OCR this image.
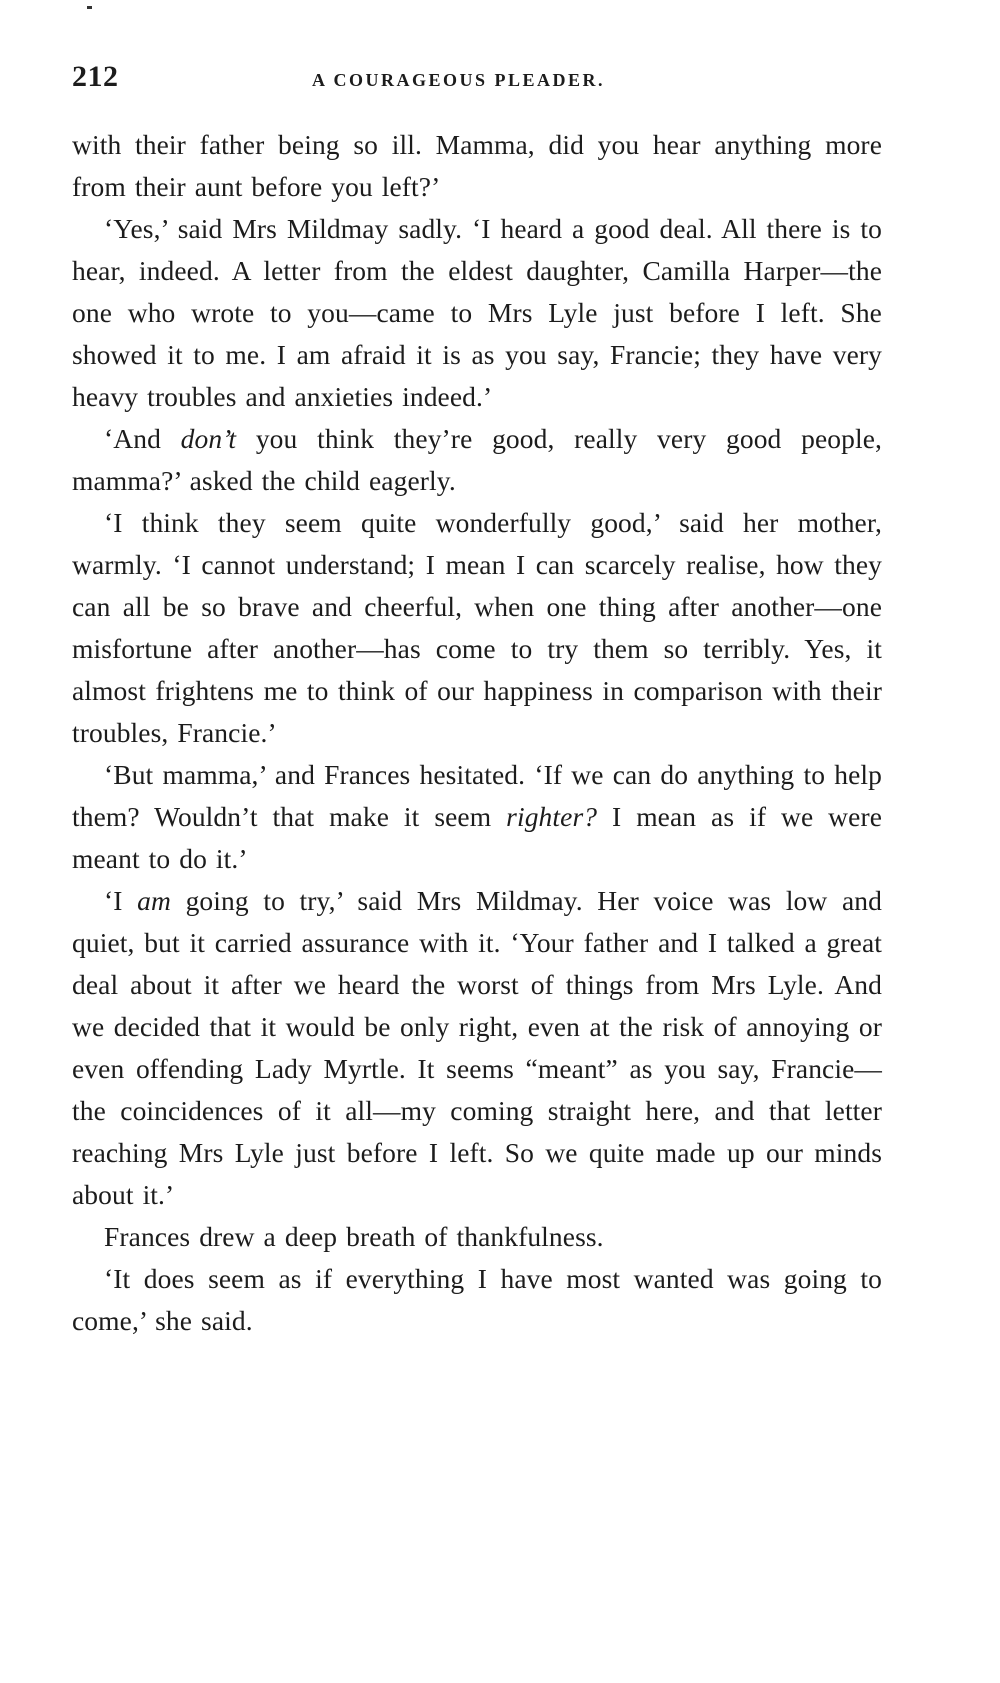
212	A COURAGEOUS PLEADER.

with their father being so ill. Mamma, did you hear anything more from their aunt before you left?’

‘Yes,’ said Mrs Mildmay sadly. ‘I heard a good deal. All there is to hear, indeed. A letter from the eldest daughter, Camilla Harper—the one who wrote to you—came to Mrs Lyle just before I left. She showed it to me. I am afraid it is as you say, Francie; they have very heavy troubles and anxieties indeed.’

‘And don’t you think they’re good, really very good people, mamma?’ asked the child eagerly.

‘I think they seem quite wonderfully good,’ said her mother, warmly. ‘I cannot understand; I mean I can scarcely realise, how they can all be so brave and cheerful, when one thing after another—one misfortune after another—has come to try them so terribly. Yes, it almost frightens me to think of our happiness in comparison with their troubles, Francie.’

‘But mamma,’ and Frances hesitated. ‘If we can do anything to help them? Wouldn’t that make it seem righter? I mean as if we were meant to do it.’

‘I am going to try,’ said Mrs Mildmay. Her voice was low and quiet, but it carried assurance with it. ‘Your father and I talked a great deal about it after we heard the worst of things from Mrs Lyle. And we decided that it would be only right, even at the risk of annoying or even offending Lady Myrtle. It seems “meant” as you say, Francie—the coincidences of it all—my coming straight here, and that letter reaching Mrs Lyle just before I left. So we quite made up our minds about it.’

Frances drew a deep breath of thankfulness.

‘It does seem as if everything I have most wanted was going to come,’ she said.
